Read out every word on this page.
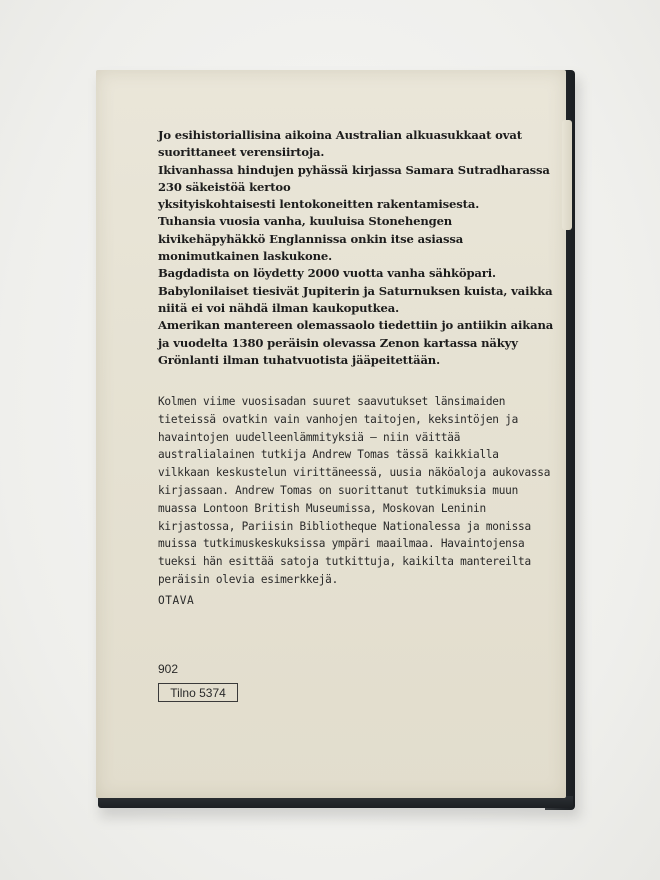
Jo esihistoriallisina aikoina Australian alkuasukkaat ovat
suorittaneet verensiirtoja.
Ikivanhassa hindujen pyhässä kirjassa Samara Sutradharassa
230 säkeistöä kertoo
yksityiskohtaisesti lentokoneitten rakentamisesta.
Tuhansia vuosia vanha, kuuluisa Stonehengen
kivikehäpyhäkkö Englannissa onkin itse asiassa
monimutkainen laskukone.
Bagdadista on löydetty 2000 vuotta vanha sähköpari.
Babylonilaiset tiesivät Jupiterin ja Saturnuksen kuista, vaikka
niitä ei voi nähdä ilman kaukoputkea.
Amerikan mantereen olemassaolo tiedettiin jo antiikin aikana
ja vuodelta 1380 peräisin olevassa Zenon kartassa näkyy
Grönlanti ilman tuhatvuotista jääpeitettään.
Kolmen viime vuosisadan suuret saavutukset länsimaiden
tieteissä ovatkin vain vanhojen taitojen, keksintöjen ja
havaintojen uudelleenlämmityksiä — niin väittää
australialainen tutkija Andrew Tomas tässä kaikkialla
vilkkaan keskustelun virittäneessä, uusia näköaloja aukovassa
kirjassaan. Andrew Tomas on suorittanut tutkimuksia muun
muassa Lontoon British Museumissa, Moskovan Leninin
kirjastossa, Pariisin Bibliotheque Nationalessa ja monissa
muissa tutkimuskeskuksissa ympäri maailmaa. Havaintojensa
tueksi hän esittää satoja tutkittuja, kaikilta mantereilta
peräisin olevia esimerkkejä.
OTAVA
902
Tilno 5374
